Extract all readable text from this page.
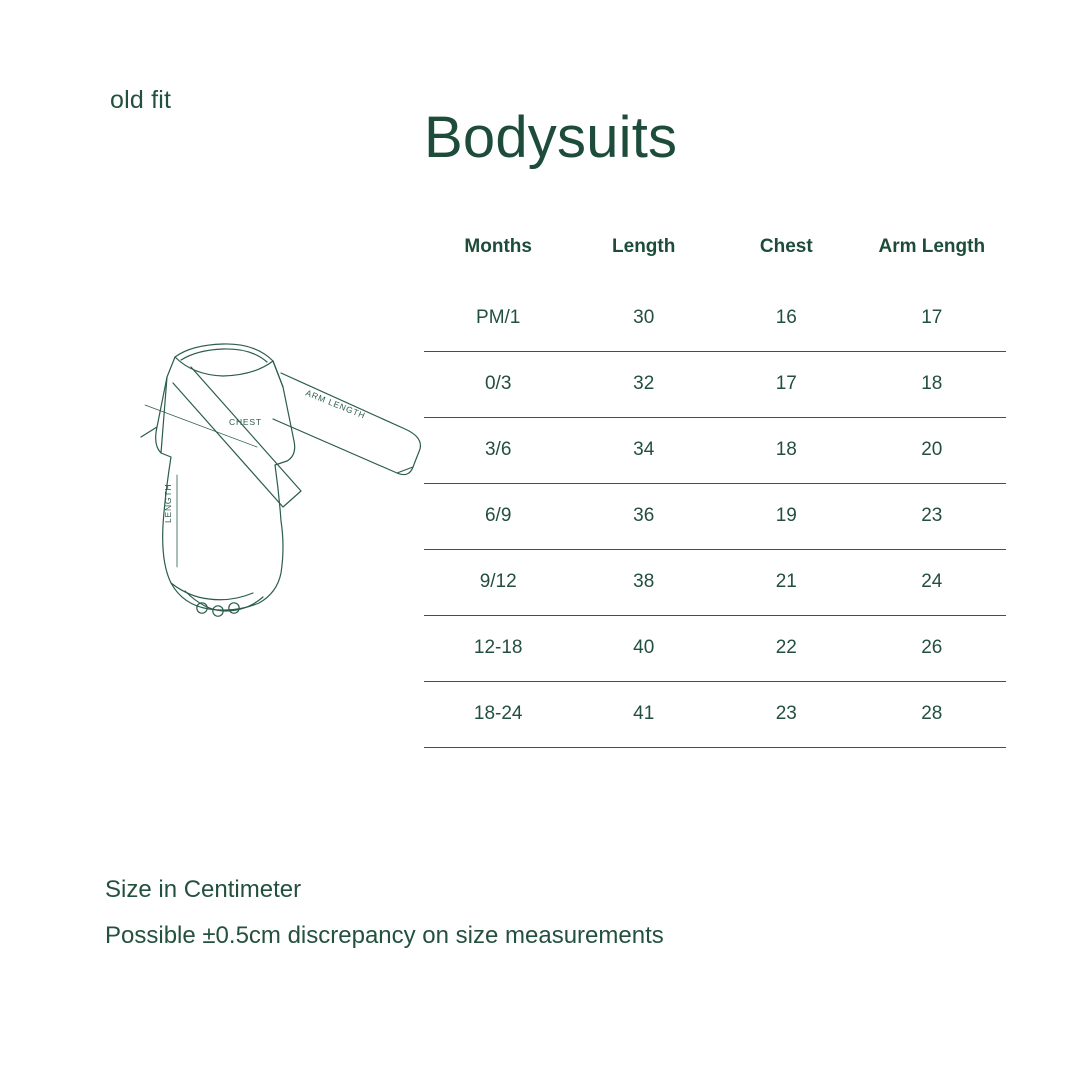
old fit
Bodysuits
CHEST
ARM LENGTH
LENGTH
Months	Length	Chest	Arm Length
PM/1	30	16	17
0/3	32	17	18
3/6	34	18	20
6/9	36	19	23
9/12	38	21	24
12-18	40	22	26
18-24	41	23	28
Size in Centimeter
Possible ±0.5cm discrepancy on size measurements
